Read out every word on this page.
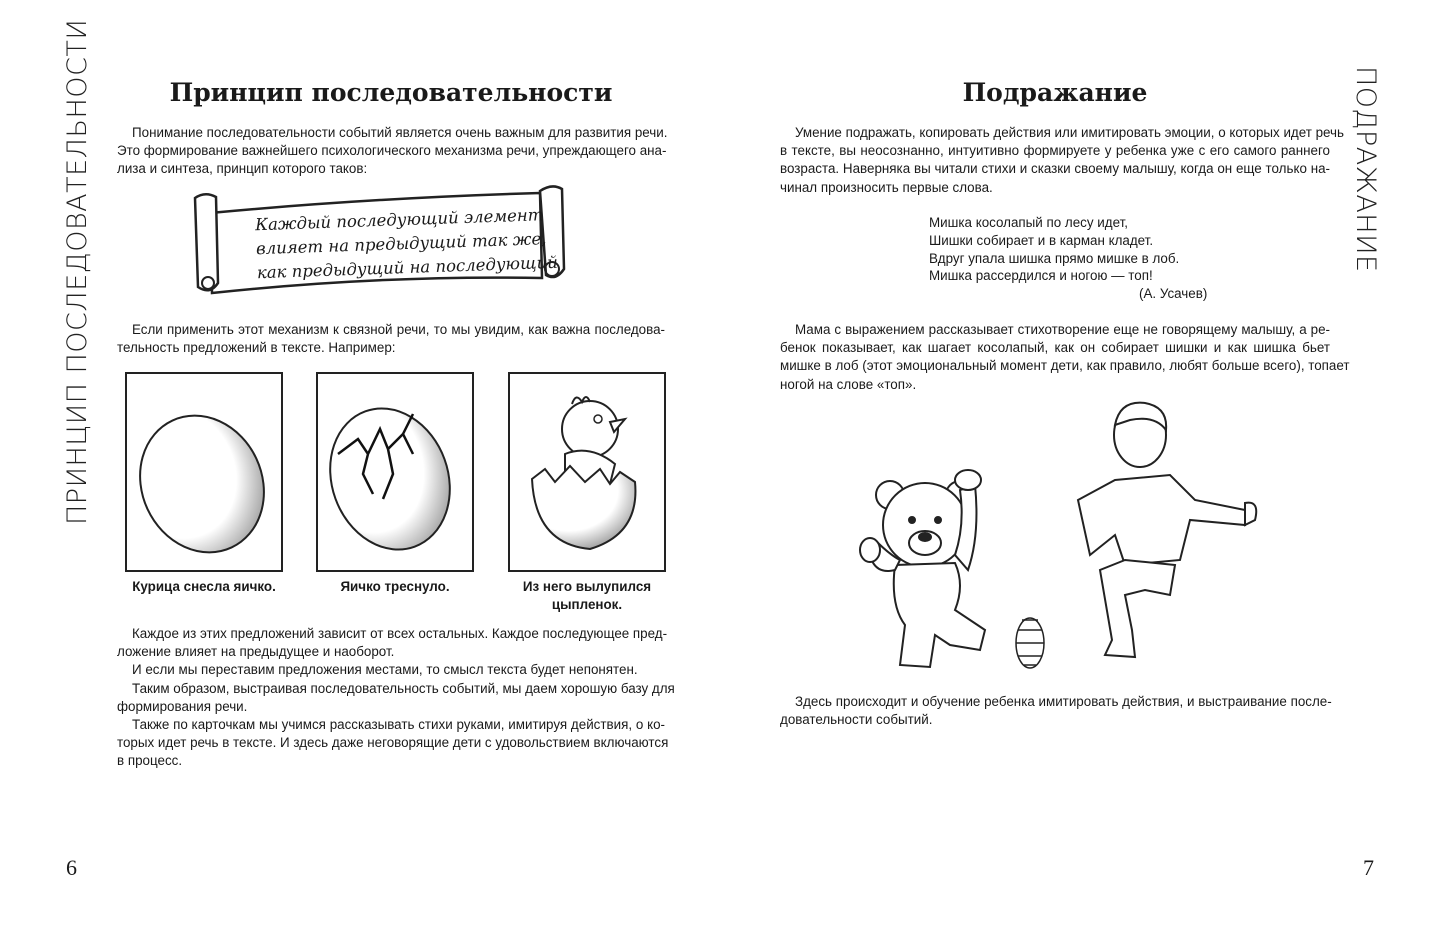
ПРИНЦИП ПОСЛЕДОВАТЕЛЬНОСТИ	Принцип последовательности
Понимание последовательности событий является очень важным для развития речи.
Это формирование важнейшего психологического механизма речи, упреждающего ана-
лиза и синтеза, принцип которого таков:
Каждый последующий элемент
влияет на предыдущий так же,
как предыдущий на последующий
Если применить этот механизм к связной речи, то мы увидим, как важна последова-
тельность предложений в тексте. Например:
Курица снесла яичко.	Яичко треснуло.	Из него вылупился цыпленок.
Каждое из этих предложений зависит от всех остальных. Каждое последующее пред-
ложение влияет на предыдущее и наоборот.
И если мы переставим предложения местами, то смысл текста будет непонятен.
Таким образом, выстраивая последовательность событий, мы даем хорошую базу для
формирования речи.
Также по карточкам мы учимся рассказывать стихи руками, имитируя действия, о ко-
торых идет речь в тексте. И здесь даже неговорящие дети с удовольствием включаются
в процесс.
6
ПОДРАЖАНИЕ
Подражание
Умение подражать, копировать действия или имитировать эмоции, о которых идет речь
в тексте, вы неосознанно, интуитивно формируете у ребенка уже с его самого раннего
возраста. Наверняка вы читали стихи и сказки своему малышу, когда он еще только на-
чинал произносить первые слова.
Мишка косолапый по лесу идет,
Шишки собирает и в карман кладет.
Вдруг упала шишка прямо мишке в лоб.
Мишка рассердился и ногою — топ!
(А. Усачев)
Мама с выражением рассказывает стихотворение еще не говорящему малышу, а ре-
бенок показывает, как шагает косолапый, как он собирает шишки и как шишка бьет
мишке в лоб (этот эмоциональный момент дети, как правило, любят больше всего), топает
ногой на слове «топ».
Здесь происходит и обучение ребенка имитировать действия, и выстраивание после-
довательности событий.
7
